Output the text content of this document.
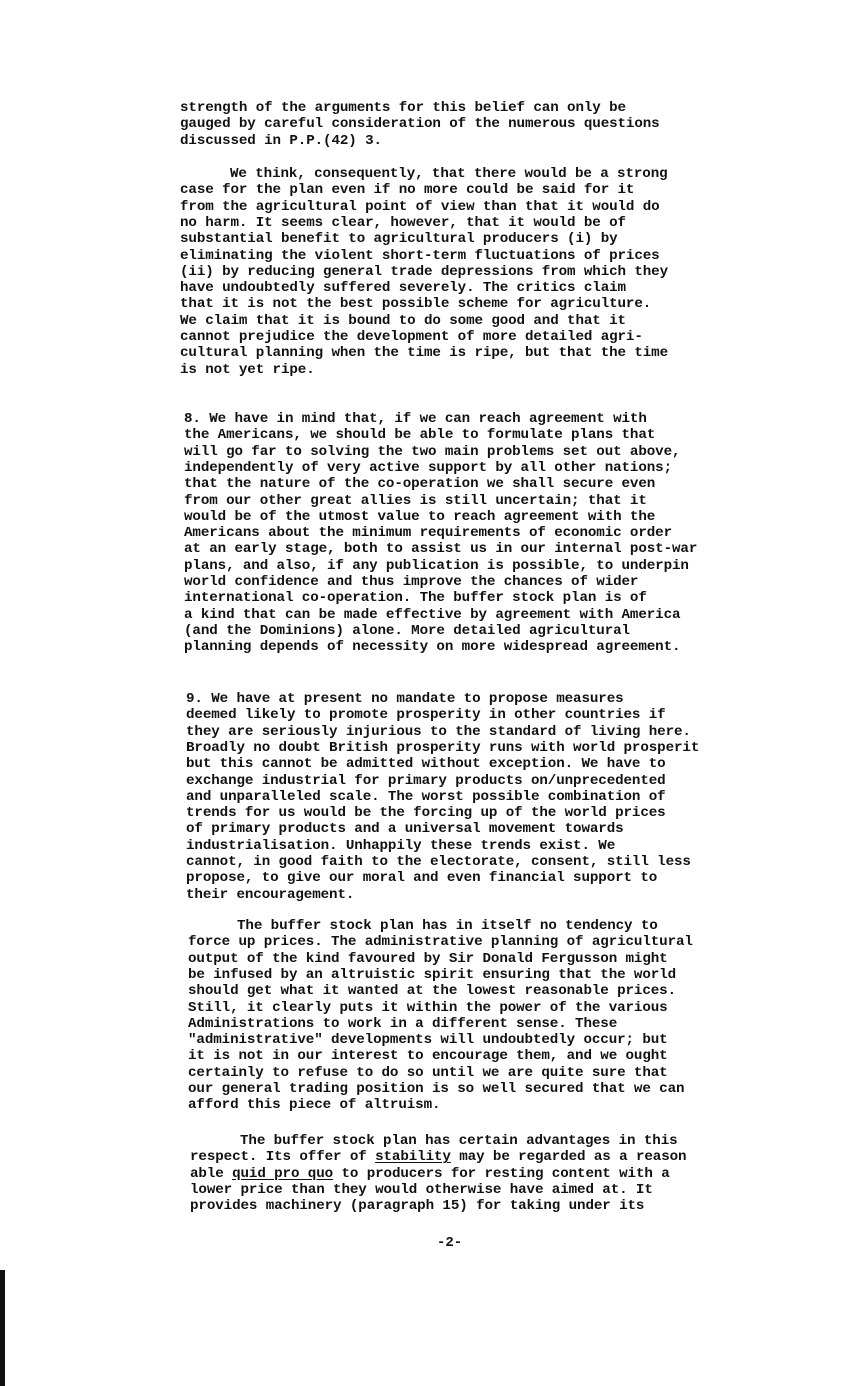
strength of the arguments for this belief can only be
gauged by careful consideration of the numerous questions
discussed in P.P.(42) 3.
We think, consequently, that there would be a strong
case for the plan even if no more could be said for it
from the agricultural point of view than that it would do
no harm. It seems clear, however, that it would be of
substantial benefit to agricultural producers (i) by
eliminating the violent short-term fluctuations of prices
(ii) by reducing general trade depressions from which they
have undoubtedly suffered severely. The critics claim
that it is not the best possible scheme for agriculture.
We claim that it is bound to do some good and that it
cannot prejudice the development of more detailed agri-
cultural planning when the time is ripe, but that the time
is not yet ripe.
8. We have in mind that, if we can reach agreement with
the Americans, we should be able to formulate plans that
will go far to solving the two main problems set out above,
independently of very active support by all other nations;
that the nature of the co-operation we shall secure even
from our other great allies is still uncertain; that it
would be of the utmost value to reach agreement with the
Americans about the minimum requirements of economic order
at an early stage, both to assist us in our internal post-war
plans, and also, if any publication is possible, to underpin
world confidence and thus improve the chances of wider
international co-operation. The buffer stock plan is of
a kind that can be made effective by agreement with America
(and the Dominions) alone. More detailed agricultural
planning depends of necessity on more widespread agreement.
9. We have at present no mandate to propose measures
deemed likely to promote prosperity in other countries if
they are seriously injurious to the standard of living here.
Broadly no doubt British prosperity runs with world prosperit
but this cannot be admitted without exception. We have to
exchange industrial for primary products on/unprecedented
and unparalleled scale. The worst possible combination of
trends for us would be the forcing up of the world prices
of primary products and a universal movement towards
industrialisation. Unhappily these trends exist. We
cannot, in good faith to the electorate, consent, still less
propose, to give our moral and even financial support to
their encouragement.
The buffer stock plan has in itself no tendency to
force up prices. The administrative planning of agricultural
output of the kind favoured by Sir Donald Fergusson might
be infused by an altruistic spirit ensuring that the world
should get what it wanted at the lowest reasonable prices.
Still, it clearly puts it within the power of the various
Administrations to work in a different sense. These
"administrative" developments will undoubtedly occur; but
it is not in our interest to encourage them, and we ought
certainly to refuse to do so until we are quite sure that
our general trading position is so well secured that we can
afford this piece of altruism.
The buffer stock plan has certain advantages in this
respect. Its offer of stability may be regarded as a reason
able quid pro quo to producers for resting content with a
lower price than they would otherwise have aimed at. It
provides machinery (paragraph 15) for taking under its
-2-
